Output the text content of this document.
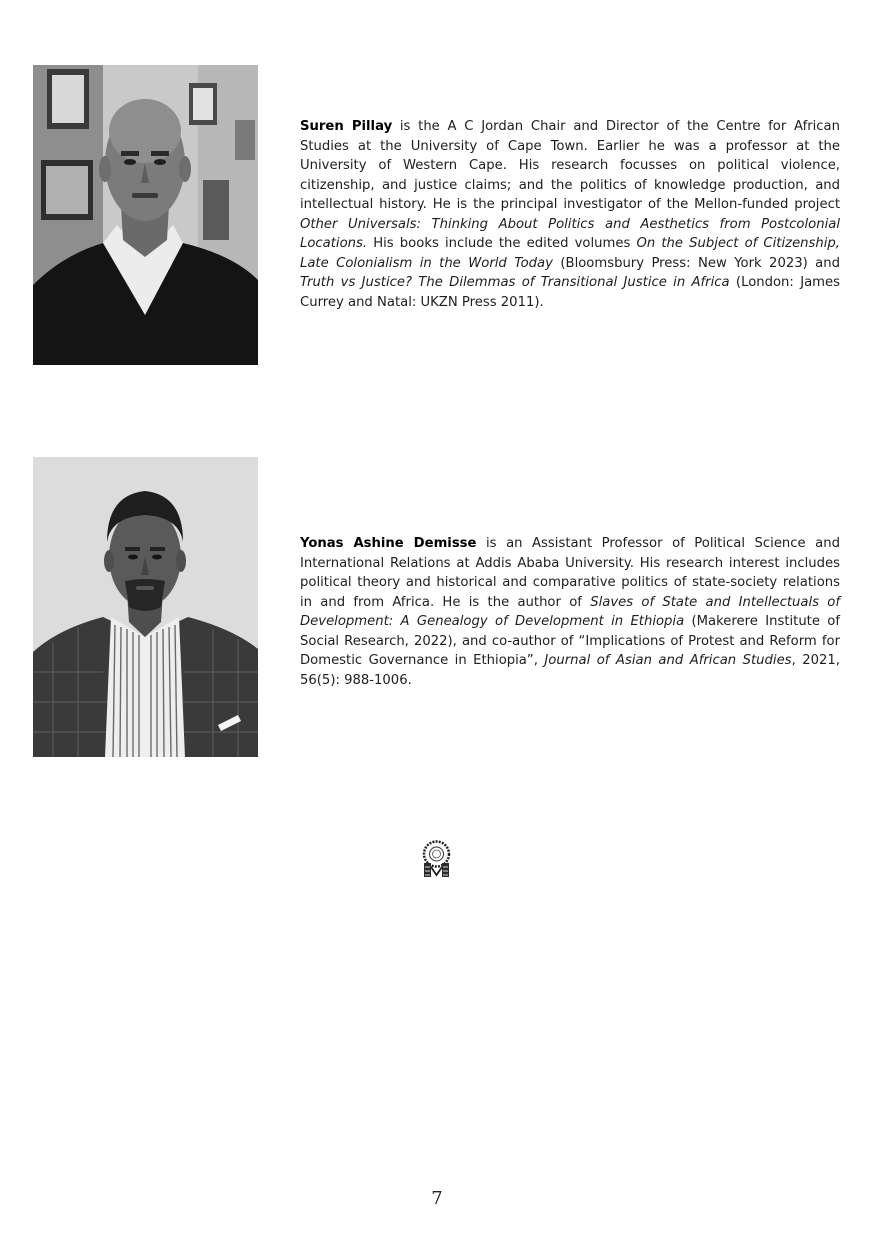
Suren Pillay is the A C Jordan Chair and Director of the Centre for African Studies at the University of Cape Town. Earlier he was a professor at the University of Western Cape. His research focusses on political violence, citizenship, and justice claims; and the politics of knowledge production, and intellectual history. He is the principal investigator of the Mellon-funded project Other Universals: Thinking About Politics and Aesthetics from Postcolonial Locations. His books include the edited volumes On the Subject of Citizenship, Late Colonialism in the World Today (Bloomsbury Press: New York 2023) and Truth vs Justice? The Dilemmas of Transitional Justice in Africa (London: James Currey and Natal: UKZN Press 2011).
Yonas Ashine Demisse is an Assistant Professor of Political Science and International Relations at Addis Ababa University. His research interest includes political theory and historical and comparative politics of state-society relations in and from Africa. He is the author of Slaves of State and Intellectuals of Development: A Genealogy of Development in Ethiopia (Makerere Institute of Social Research, 2022), and co-author of “Implications of Protest and Reform for Domestic Governance in Ethiopia”, Journal of Asian and African Studies, 2021, 56(5): 988-1006.
7
